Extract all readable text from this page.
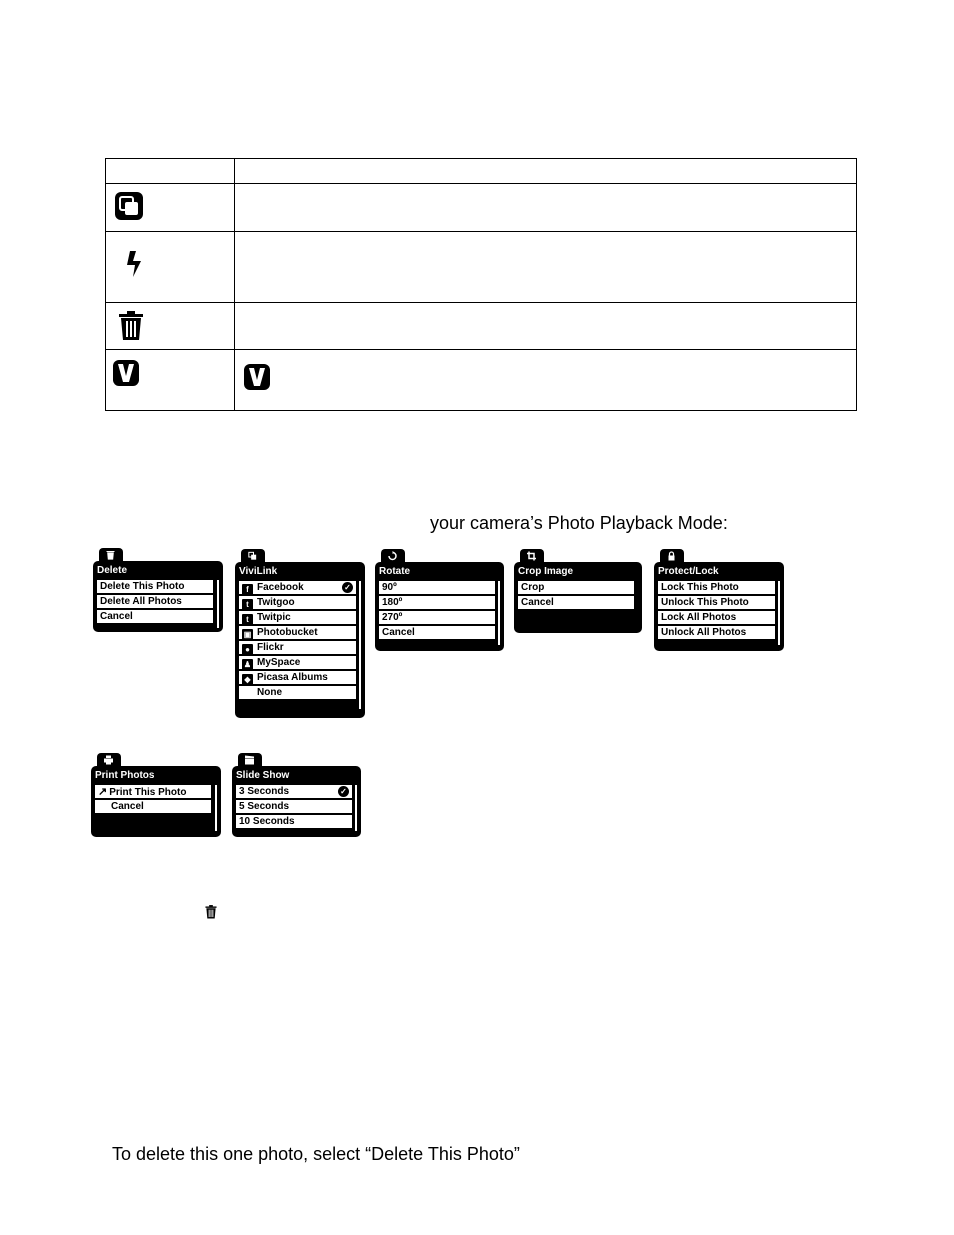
your camera’s Photo Playback Mode:
Delete
Delete This Photo
Delete All Photos
Cancel
ViviLink
f Facebook	✓
t Twitgoo
t Twitpic
▣ Photobucket
● Flickr
♟ MySpace
◆ Picasa Albums
None
Rotate
90º
180º
270º
Cancel
Crop Image
Crop
Cancel
Protect/Lock
Lock This Photo
Unlock This Photo
Lock All Photos
Unlock All Photos
Print Photos
↗ Print This Photo
Cancel
Slide Show
3 Seconds	✓
5 Seconds
10 Seconds
To delete this one photo, select “Delete This Photo”
